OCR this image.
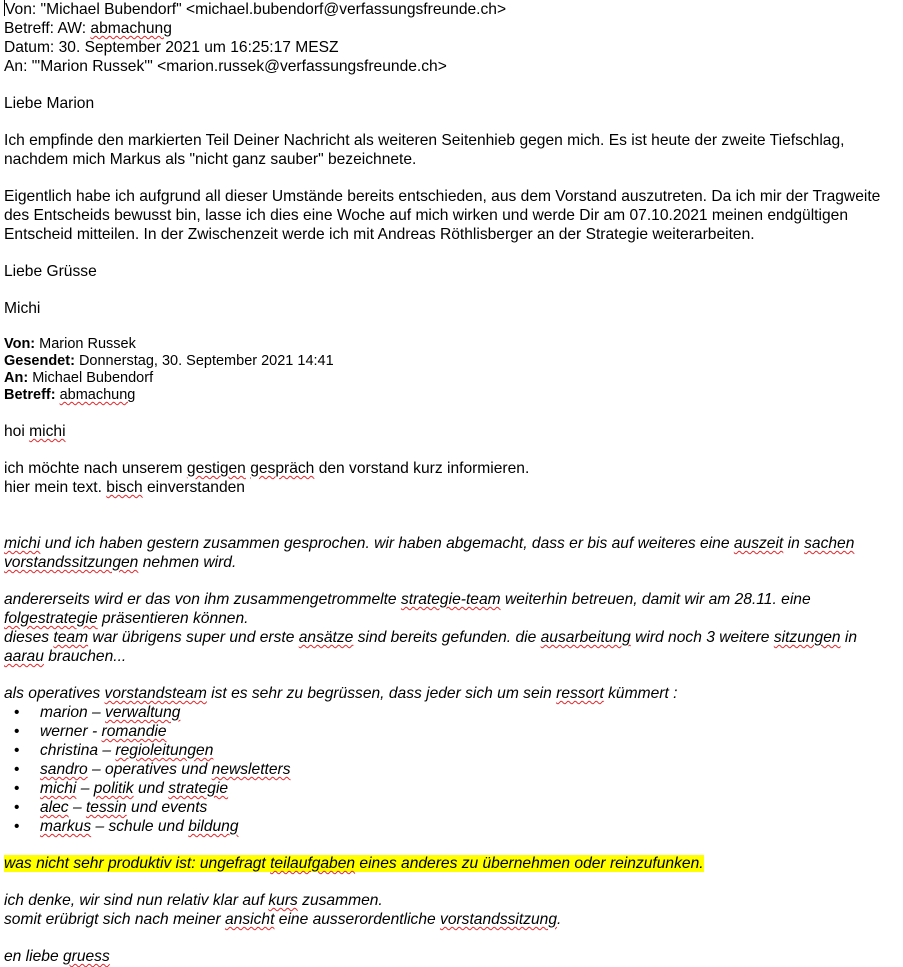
Von: "Michael Bubendorf" <michael.bubendorf@verfassungsfreunde.ch>
Betreff: AW: abmachung
Datum: 30. September 2021 um 16:25:17 MESZ
An: "'Marion Russek'" <marion.russek@verfassungsfreunde.ch>

Liebe Marion

Ich empfinde den markierten Teil Deiner Nachricht als weiteren Seitenhieb gegen mich. Es ist heute der zweite Tiefschlag, nachdem mich Markus als "nicht ganz sauber" bezeichnete.

Eigentlich habe ich aufgrund all dieser Umstände bereits entschieden, aus dem Vorstand auszutreten. Da ich mir der Tragweite des Entscheids bewusst bin, lasse ich dies eine Woche auf mich wirken und werde Dir am 07.10.2021 meinen endgültigen Entscheid mitteilen. In der Zwischenzeit werde ich mit Andreas Röthlisberger an der Strategie weiterarbeiten.

Liebe Grüsse

Michi

Von: Marion Russek
Gesendet: Donnerstag, 30. September 2021 14:41
An: Michael Bubendorf
Betreff: abmachung

hoi michi

ich möchte nach unserem gestigen gespräch den vorstand kurz informieren.

hier mein text. bisch einverstanden

michi und ich haben gestern zusammen gesprochen. wir haben abgemacht, dass er bis auf weiteres eine auszeit in sachen vorstandssitzungen nehmen wird.

andererseits wird er das von ihm zusammengetrommelte strategie-team weiterhin betreuen, damit wir am 28.11. eine folgestrategie präsentieren können.

dieses team war übrigens super und erste ansätze sind bereits gefunden. die ausarbeitung wird noch 3 weitere sitzungen in aarau brauchen...

als operatives vorstandsteam ist es sehr zu begrüssen, dass jeder sich um sein ressort kümmert :

• marion – verwaltung
• werner - romandie
• christina – regioleitungen
• sandro – operatives und newsletters
• michi – politik und strategie
• alec – tessin und events
• markus – schule und bildung

was nicht sehr produktiv ist: ungefragt teilaufgaben eines anderes zu übernehmen oder reinzufunken.

ich denke, wir sind nun relativ klar auf kurs zusammen.

somit erübrigt sich nach meiner ansicht eine ausserordentliche vorstandssitzung.

en liebe gruess
